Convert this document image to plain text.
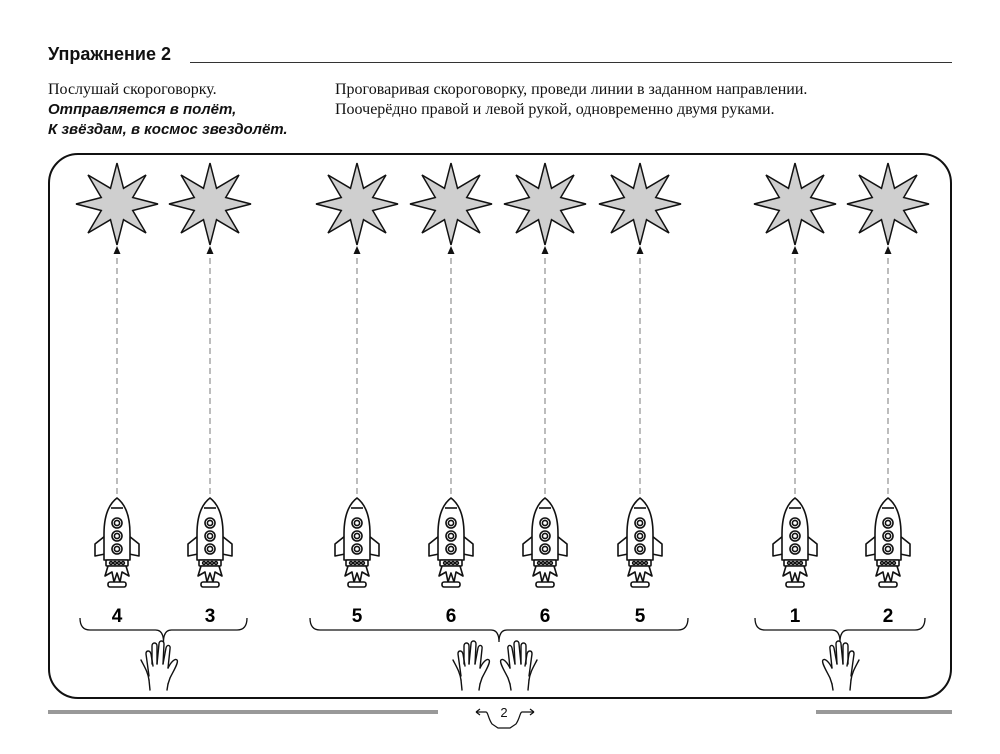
Упражнение 2
Послушай скороговорку.
Отправляется в полёт,
К звёздам, в космос звездолёт.
Проговаривая скороговорку, проведи линии в заданном направлении.
Поочерёдно правой и левой рукой, одновременно двумя руками.
4	3	5	6	6	5	1	2
2
